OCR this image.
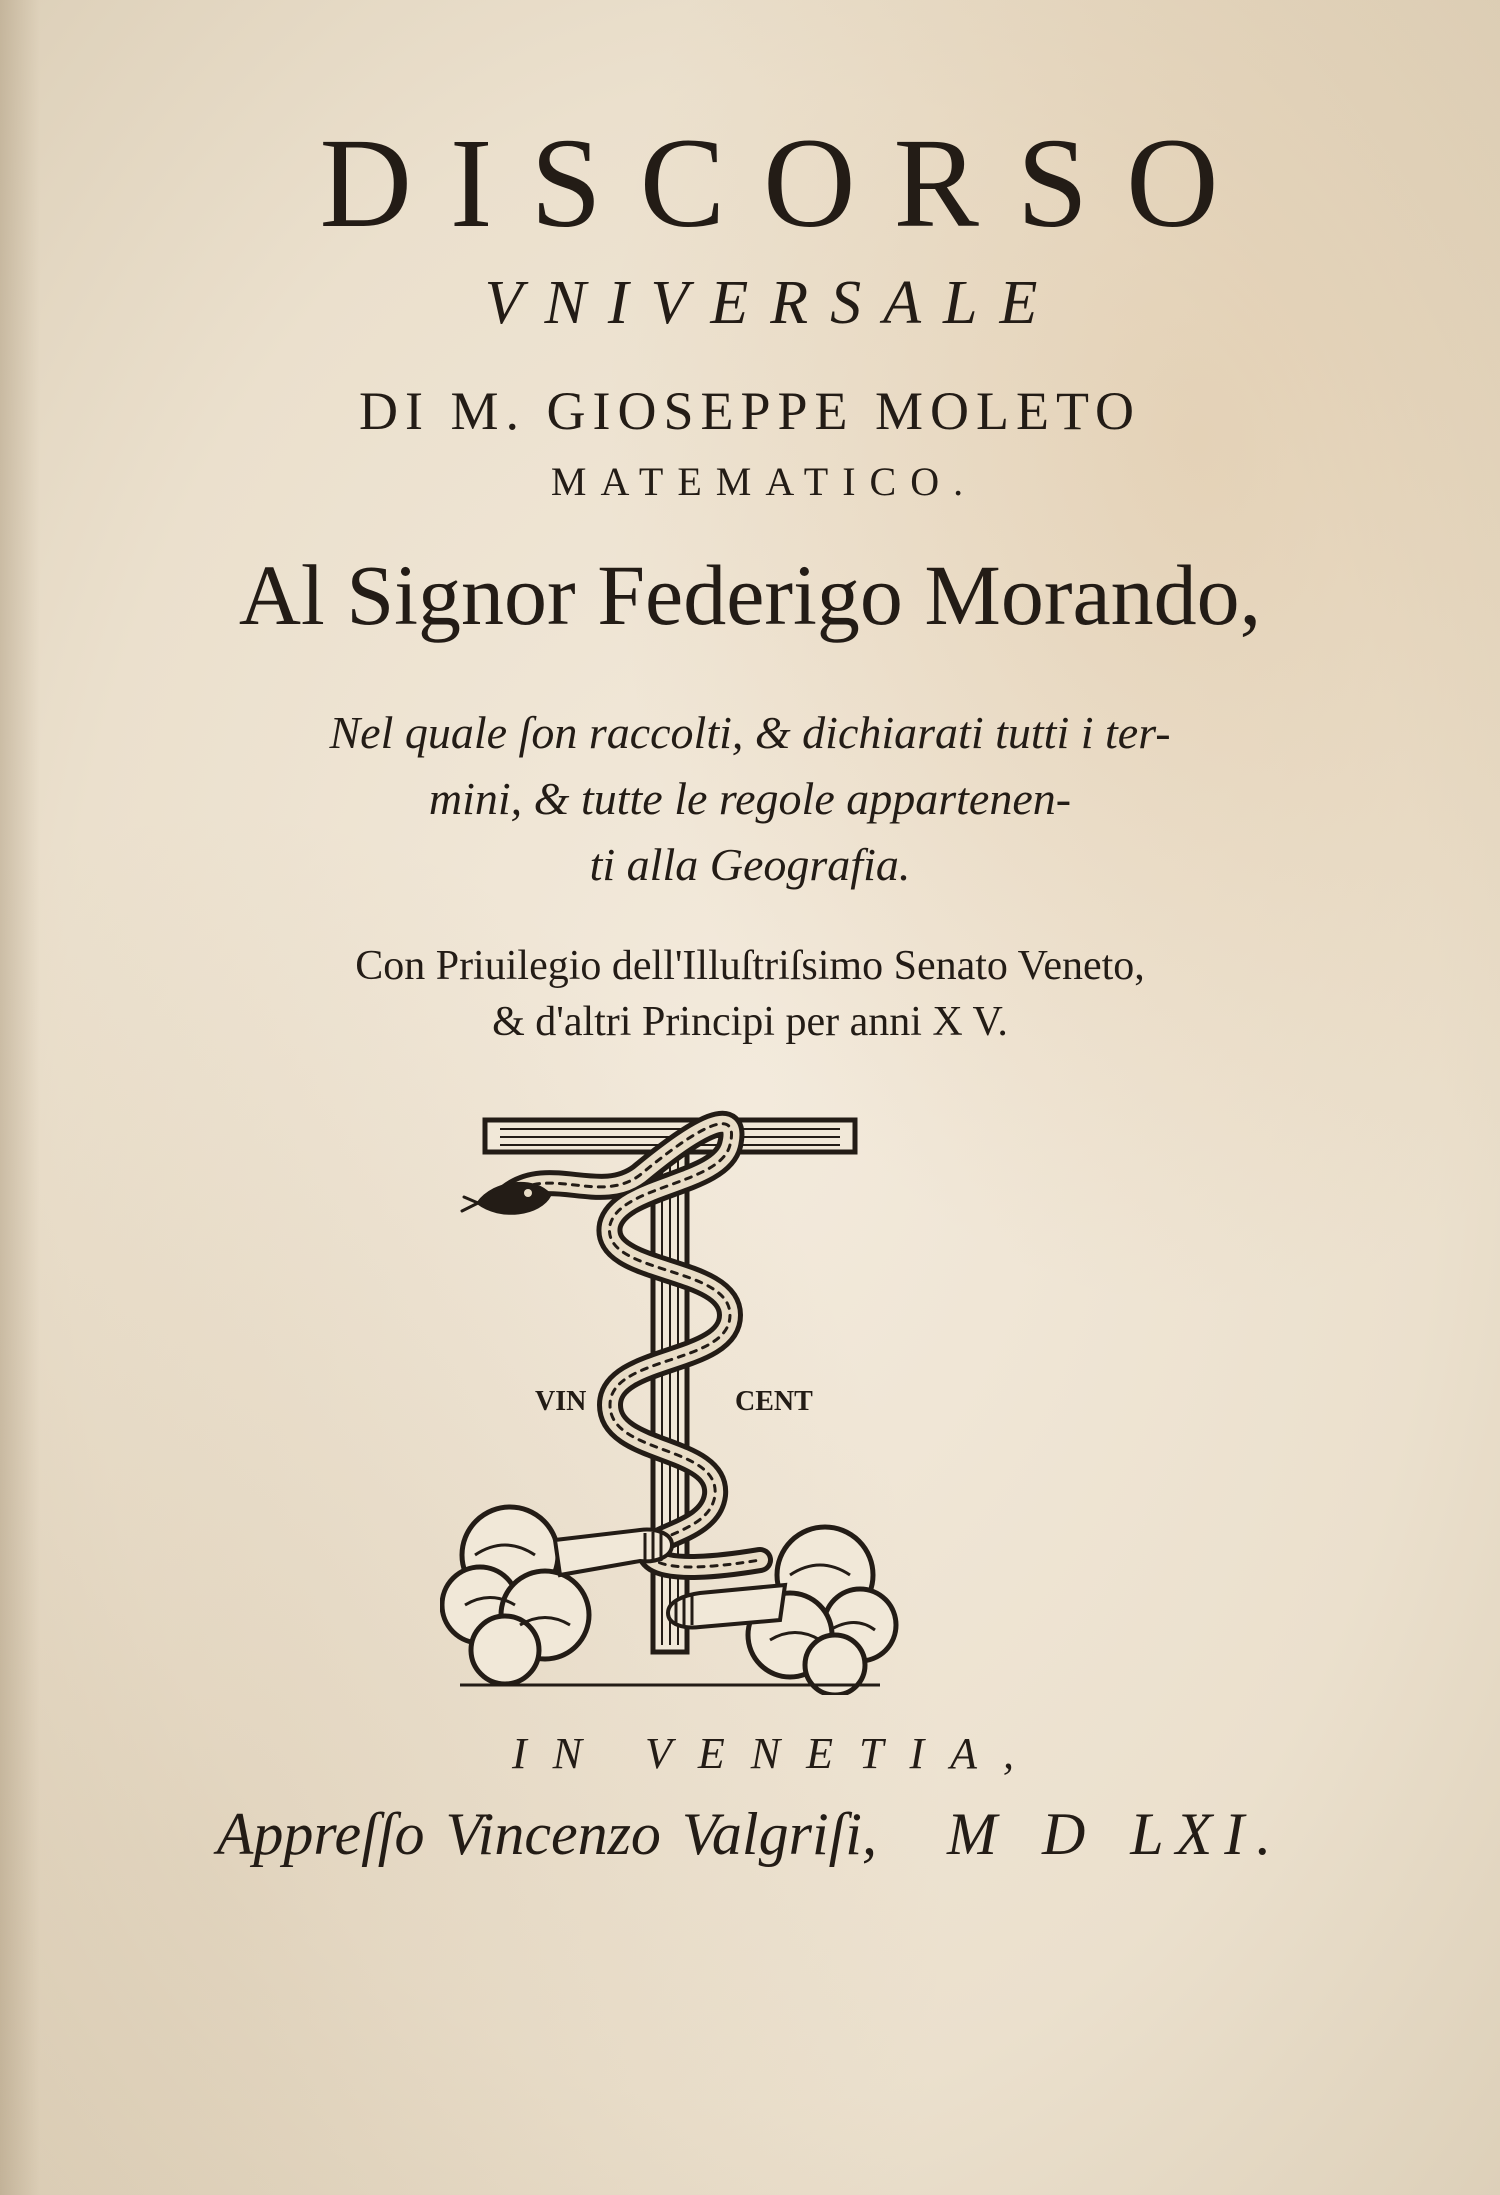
DISCORSO
VNIVERSALE
DI M. GIOSEPPE MOLETO
MATEMATICO.
Al Signor Federigo Morando,
Nel quale ſon raccolti, & dichiarati tutti i ter-
mini, & tutte le regole appartenen-
ti alla Geografia.
Con Priuilegio dell'Illuſtriſsimo Senato Veneto,
& d'altri Principi per anni X V.
VIN	CENT
IN VENETIA,
Appreſſo Vincenzo Valgriſi, M D LXI.
